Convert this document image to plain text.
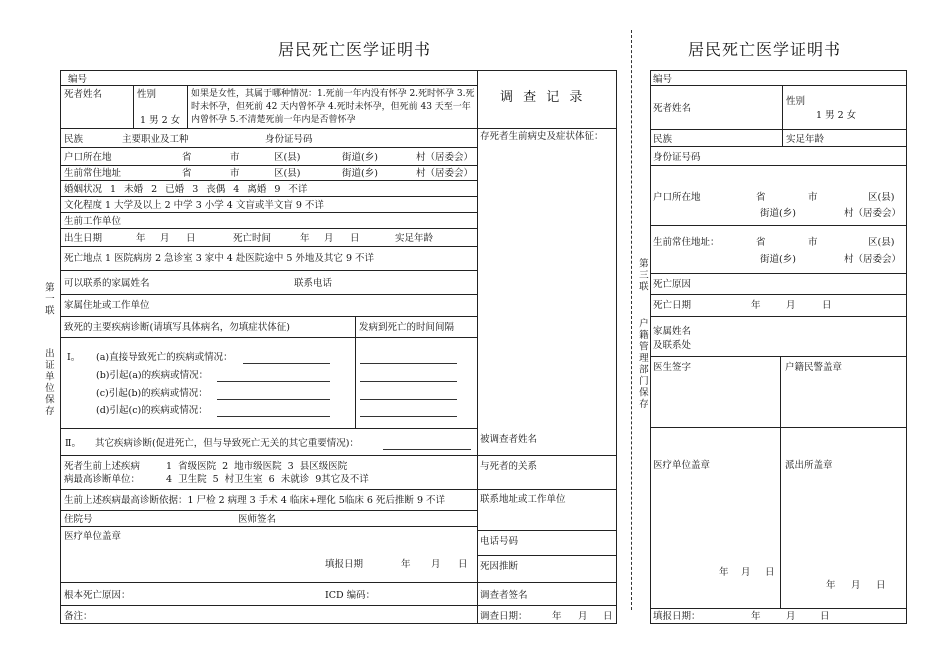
居民死亡医学证明书
第一联
出证单位保存
编号
死者姓名	性别
1 男 2 女
如果是女性，其属于哪种情况：1.死前一年内没有怀孕 2.死时怀孕 3.死时未怀孕，但死前 42 天内曾怀孕 4.死时未怀孕，但死前 43 天至一年内曾怀孕 5.不清楚死前一年内是否曾怀孕
调 查 记 录
存死者生前病史及症状体征：
民族	主要职业及工种	身份证号码
户口所在地	省	市	区(县)	街道(乡)	村（居委会）
生前常住地址	省	市	区(县)	街道(乡)	村（居委会）
婚姻状况 1 未婚 2 已婚 3 丧偶 4 离婚 9 不详
文化程度 1 大学及以上 2 中学 3 小学 4 文盲或半文盲 9 不详
生前工作单位
出生日期	年 月 日	死亡时间	年 月 日	实足年龄
死亡地点 1 医院病房 2 急诊室 3 家中 4 赴医院途中 5 外地及其它 9 不详
可以联系的家属姓名	联系电话
家属住址或工作单位
致死的主要疾病诊断(请填写具体病名，勿填症状体征)	发病到死亡的时间间隔
Ⅰ。 (a)直接导致死亡的疾病或情况：
(b)引起(a)的疾病或情况：
(c)引起(b)的疾病或情况：
(d)引起(c)的疾病或情况：
Ⅱ。 其它疾病诊断(促进死亡，但与导致死亡无关的其它重要情况)：
死者生前上述疾病	1 省级医院 2 地市级医院 3 县区级医院
病最高诊断单位：	4 卫生院 5 村卫生室 6 未就诊 9其它及不详
生前上述疾病最高诊断依据：1 尸检 2 病理 3 手术 4 临床+理化 5临床 6 死后推断 9 不详
住院号	医师签名
医疗单位盖章
填报日期	年 月 日
根本死亡原因：	ICD 编码：
备注：
被调查者姓名
与死者的关系
联系地址或工作单位
电话号码
死因推断
调查者签名
调查日期：	年 月 日
居民死亡医学证明书
第三联
户籍管理部门保存
编号
死者姓名
性别
1 男 2 女
民族	实足年龄
身份证号码
户口所在地	省	市	区(县)
街道(乡)	村（居委会）
生前常住地址：	省	市	区(县)
街道(乡)	村（居委会）
死亡原因
死亡日期	年	月	日
家属姓名
及联系处
医生签字	户籍民警盖章
医疗单位盖章	派出所盖章
年 月 日
年 月 日
填报日期：	年	月	日
